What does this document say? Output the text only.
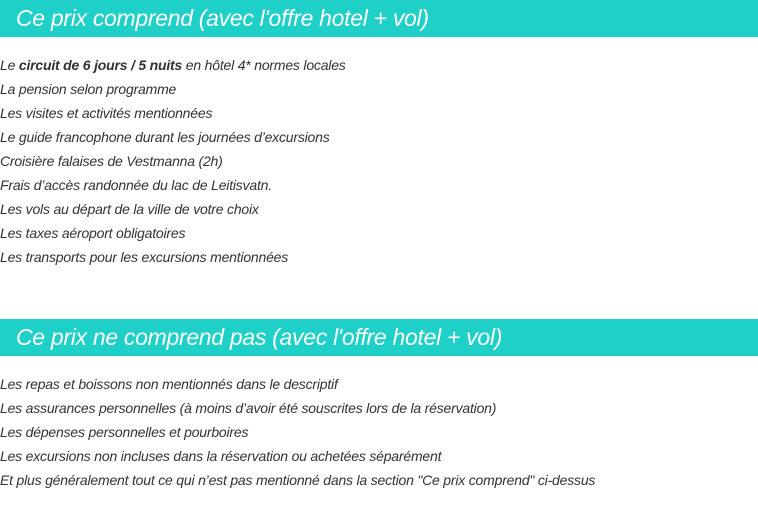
Ce prix comprend (avec l'offre hotel + vol)
Le circuit de 6 jours / 5 nuits en hôtel 4* normes locales
La pension selon programme
Les visites et activités mentionnées
Le guide francophone durant les journées d’excursions
Croisière falaises de Vestmanna (2h)
Frais d’accès randonnée du lac de Leitisvatn.
Les vols au départ de la ville de votre choix
Les taxes aéroport obligatoires
Les transports pour les excursions mentionnées
Ce prix ne comprend pas (avec l'offre hotel + vol)
Les repas et boissons non mentionnés dans le descriptif
Les assurances personnelles (à moins d’avoir été souscrites lors de la réservation)
Les dépenses personnelles et pourboires
Les excursions non incluses dans la réservation ou achetées séparément
Et plus généralement tout ce qui n’est pas mentionné dans la section "Ce prix comprend" ci-dessus
